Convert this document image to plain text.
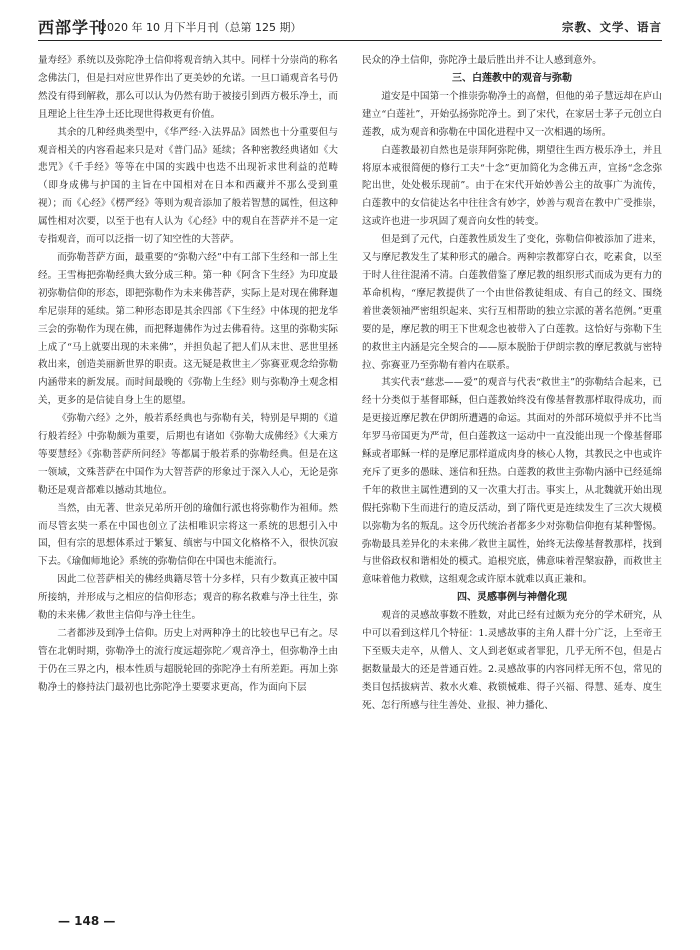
西部学刊
2020 年 10 月下半月刊（总第 125 期）	宗教、文学、语言

量寿经》系统以及弥陀净土信仰将观音纳入其中。同样十分崇尚的称名念佛法门，但是扫对应世界作出了更美妙的允诺。一旦口诵观音名号仍然没有得到解救，那么可以认为仍然有助于被接引到西方极乐净土，而且理论上往生净土还比现世得救更有价值。

其余的几种经典类型中，《华严经·入法界品》固然也十分重要但与观音相关的内容看起来只是对《普门品》延续；各种密教经典诸如《大悲咒》《千手经》等等在中国的实践中也迭不出现祈求世利益的范畴（即身成佛与护国的主旨在中国相对在日本和西藏并不那么受到重视）；而《心经》《楞严经》等则为观音添加了般若智慧的属性，但这种属性相对次要，以至于也有人认为《心经》中的观自在菩萨并不是一定专指观音，而可以泛指一切了知空性的大菩萨。

而弥勒菩萨方面，最重要的“弥勒六经”中有工部下生经和一部上生经。王雪梅把弥勒经典大致分成三种。第一种《阿含下生经》为印度最初弥勒信仰的形态，即把弥勒作为未来佛菩萨，实际上是对现在佛释迦牟尼崇拜的延续。第二种形态即是其余四部《下生经》中体现的把龙华三会的弥勒作为现在佛，而把释迦佛作为过去佛看待。这里的弥勒实际上成了“马上就要出现的未来佛”，并担负起了把人们从末世、恶世里拯救出来，创造美丽新世界的职责。这无疑是救世主／弥赛亚观念给弥勒内涵带来的新发展。而时间最晚的《弥勒上生经》则与弥勒净土观念相关，更多的是信徒自身上生的愿望。

《弥勒六经》之外，般若系经典也与弥勒有关，特别是早期的《道行般若经》中弥勒颇为重要，后期也有诸如《弥勒大成佛经》《大乘方等要慧经》《弥勒菩萨所问经》等都属于般若系的弥勒经典。但是在这一领域，文殊菩萨在中国作为大智菩萨的形象过于深入人心，无论是弥勒还是观音都难以撼动其地位。

当然，由无著、世亲兄弟所开创的瑜伽行派也将弥勒作为祖师。然而尽管玄奘一系在中国也创立了法相唯识宗将这一系统的思想引入中国，但有宗的思想体系过于繁复、缜密与中国文化格格不入，很快沉寂下去。《瑜伽师地论》系统的弥勒信仰在中国也未能流行。

因此二位菩萨相关的佛经典籍尽管十分多样，只有少数真正被中国所接纳，并形成与之相应的信仰形态；观音的称名救难与净土往生，弥勒的未来佛／救世主信仰与净土往生。

二者都涉及到净土信仰。历史上对两种净土的比较也早已有之。尽管在北朝时期，弥勒净土的流行度远超弥陀／观音净土，但弥勒净土由于仍在三界之内，根本性质与超脱轮回的弥陀净土有所差距。再加上弥勒净土的修持法门最初也比弥陀净土要要求更高，作为面向下层

民众的净土信仰，弥陀净土最后胜出并不让人感到意外。

三、白莲教中的观音与弥勒

道安是中国第一个推崇弥勒净土的高僧，但他的弟子慧远却在庐山建立“白莲社”，开始弘扬弥陀净土。到了宋代，在家居士茅子元创立白莲教，成为观音和弥勒在中国化进程中又一次相遇的场所。

白莲教最初自然也是崇拜阿弥陀佛，期望往生西方极乐净土，并且将原本戒很简便的修行工夫“十念”更加简化为念佛五声，宣扬“念念弥陀出世，处处极乐现前”。由于在宋代开始妙善公主的故事广为流传，白莲教中的女信徒达名中往往含有妙字，妙善与观音在教中广受推崇，这或许也进一步巩固了观音向女性的转变。

但是到了元代，白莲教性质发生了变化，弥勒信仰被添加了进来，又与摩尼教发生了某种形式的融合。两种宗教都穿白衣，吃素食，以至于时人往往混淆不清。白莲教借鉴了摩尼教的组织形式而成为更有力的革命机构，“摩尼教提供了一个由世俗教徒组成、有自己的经文、围绕着世袭领袖严密组织起来、实行互相帮助的独立宗派的著名范例。”更重要的是，摩尼教的明王下世观念也被带入了白莲教。这恰好与弥勒下生的救世主内涵是完全契合的——原本脱胎于伊朗宗教的摩尼教就与密特拉、弥赛亚乃至弥勒有着内在联系。

其实代表“慈悲——爱”的观音与代表“救世主”的弥勒结合起来，已经十分类似于基督耶稣，但白莲教始终没有像基督教那样取得成功，而是更接近摩尼教在伊朗所遭遇的命运。其面对的外部环境似乎并不比当年罗马帝国更为严苛，但白莲教这一运动中一直没能出现一个像基督耶稣或者耶稣一样的是摩尼那样道成肉身的核心人物，其教民之中也或许充斥了更多的愚昧、迷信和狂热。白莲教的救世主弥勒内涵中已经延绵千年的救世主属性遭到的又一次重大打击。事实上，从北魏就开始出现假托弥勒下生而进行的造反活动，到了隋代更是连续发生了三次大规模以弥勒为名的叛乱。这令历代统治者都多少对弥勒信仰抱有某种警惕。弥勒最具差异化的未来佛／救世主属性，始终无法像基督教那样，找到与世俗政权和谐相处的模式。追根究底，佛意味着涅槃寂静，而救世主意味着他力救赎，这组观念或许原本就难以真正兼和。

四、灵感事例与神僧化现

观音的灵感故事数不胜数，对此已经有过颇为充分的学术研究，从中可以看到这样几个特征：1.灵感故事的主角人群十分广泛，上至帝王下至贩夫走卒，从僧人、文人到老妪或者罪犯，几乎无所不包，但是占据数量最大的还是普通百姓。2.灵感故事的内容同样无所不包，常见的类目包括拔病苦、救水火难、救锁械难、得子兴福、得慧、延寿、度生死、怎行所感与往生善处、业报、神力播化、

— 148 —
